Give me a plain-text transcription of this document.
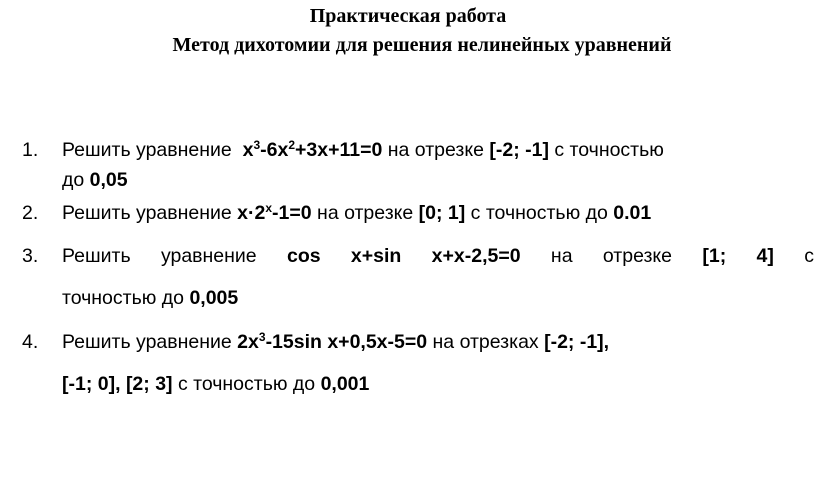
Практическая работа
Метод дихотомии для решения нелинейных уравнений
1. Решить уравнение $x^3-6x^2+3x+11=0$ на отрезке [-2; -1] с точностью
до 0,05
2. Решить уравнение $x\cdot 2^x-1=0$ на отрезке [0; 1] с точностью до 0.01
3. Решить уравнение cos x+sin x+x-2,5=0 на отрезке [1; 4] с
точностью до 0,005
4. Решить уравнение $2x^3-15\sin$ x+0,5x-5=0 на отрезках [-2; -1],
[-1; 0], [2; 3] с точностью до 0,001
